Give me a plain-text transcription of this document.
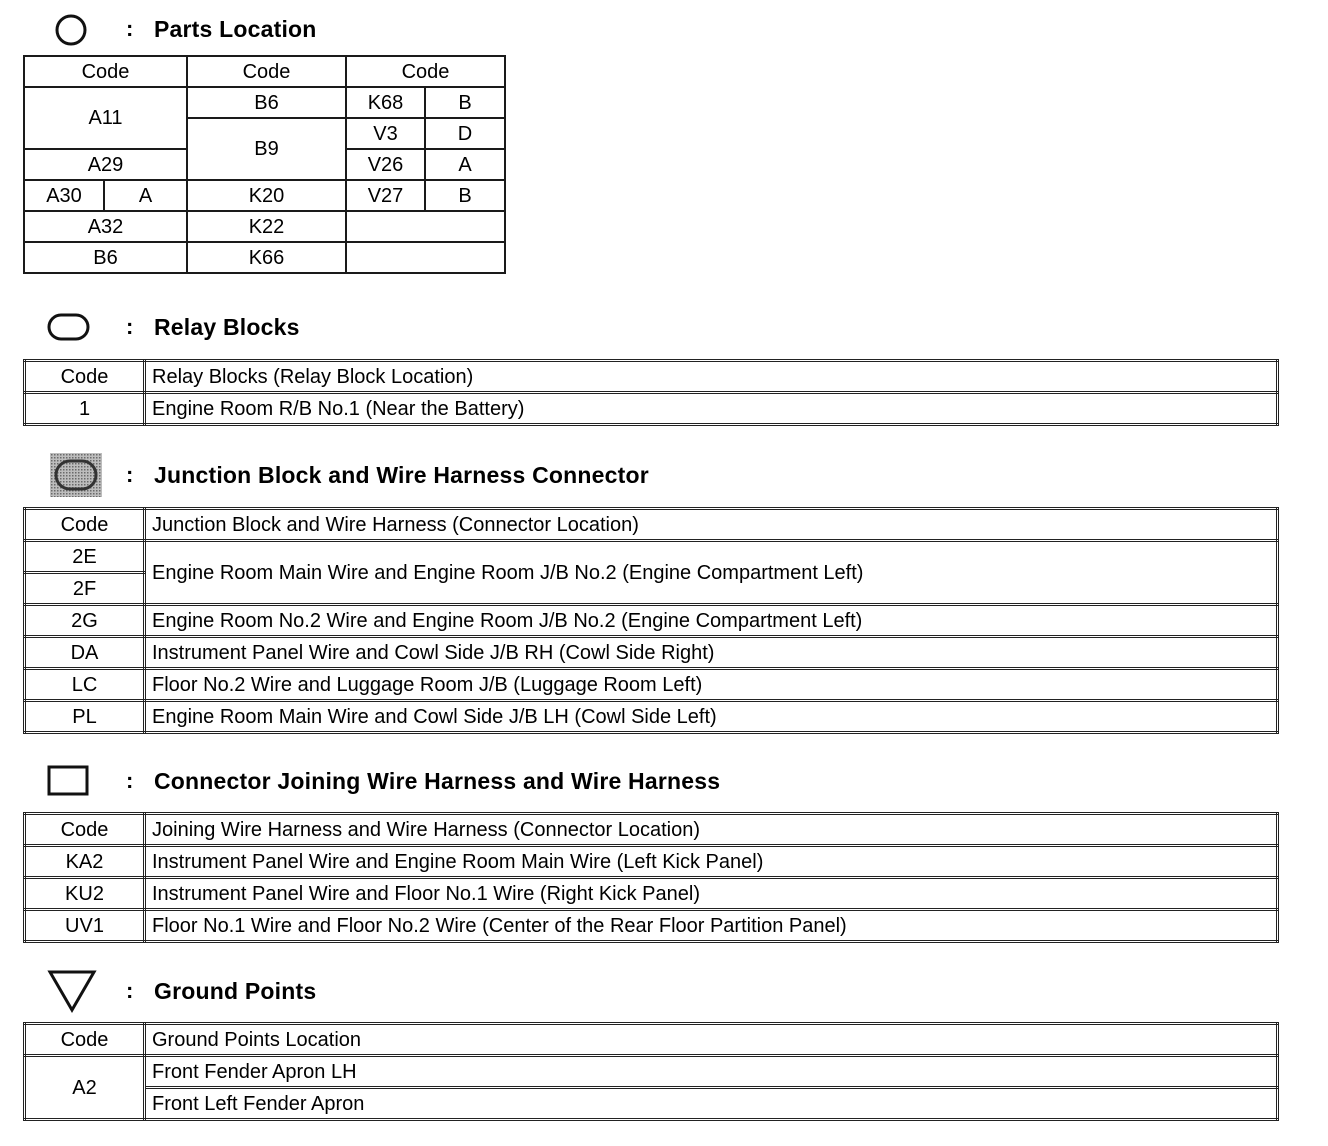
: Parts Location
Code		Code	Code	
A11		B6	K68	B
		B9	V3	D
A29			V26	A
A30	A	K20	V27	B
A32		K22		
B6		K66		
: Relay Blocks
Code	Relay Blocks (Relay Block Location)
1	Engine Room R/B No.1 (Near the Battery)
: Junction Block and Wire Harness Connector
Code	Junction Block and Wire Harness (Connector Location)
2E	Engine Room Main Wire and Engine Room J/B No.2 (Engine Compartment Left)
2F	
2G	Engine Room No.2 Wire and Engine Room J/B No.2 (Engine Compartment Left)
DA	Instrument Panel Wire and Cowl Side J/B RH (Cowl Side Right)
LC	Floor No.2 Wire and Luggage Room J/B (Luggage Room Left)
PL	Engine Room Main Wire and Cowl Side J/B LH (Cowl Side Left)
: Connector Joining Wire Harness and Wire Harness
Code	Joining Wire Harness and Wire Harness (Connector Location)
KA2	Instrument Panel Wire and Engine Room Main Wire (Left Kick Panel)
KU2	Instrument Panel Wire and Floor No.1 Wire (Right Kick Panel)
UV1	Floor No.1 Wire and Floor No.2 Wire (Center of the Rear Floor Partition Panel)
: Ground Points
Code	Ground Points Location
A2	Front Fender Apron LH
	Front Left Fender Apron
